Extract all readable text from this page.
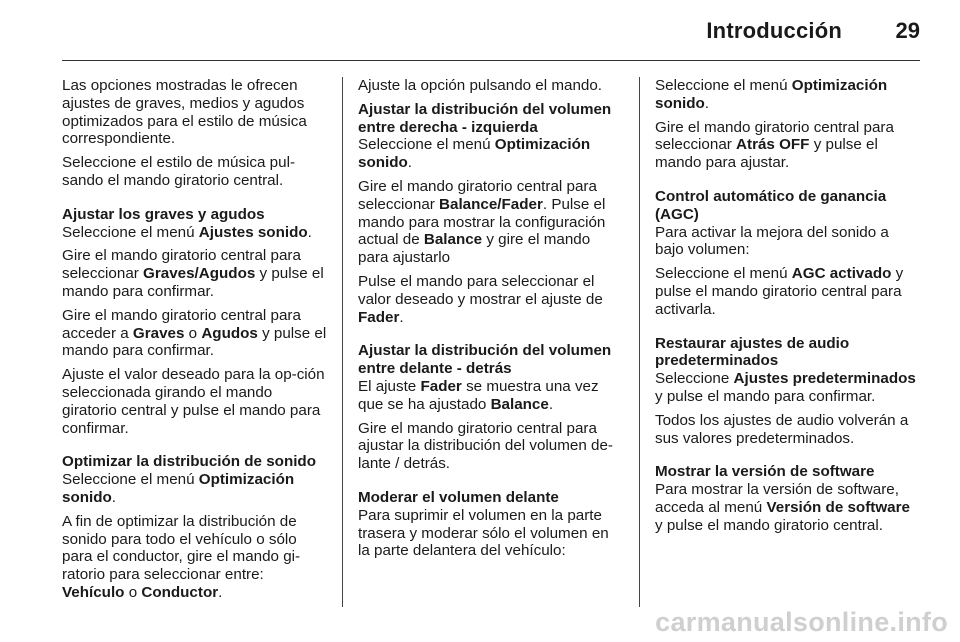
Introducción	29

Las opciones mostradas le ofrecen ajustes de graves, medios y agudos optimizados para el estilo de música correspondiente.

Seleccione el estilo de música pul-sando el mando giratorio central.

Ajustar los graves y agudos

Seleccione el menú Ajustes sonido.

Gire el mando giratorio central para seleccionar Graves/Agudos y pulse el mando para confirmar.

Gire el mando giratorio central para acceder a Graves o Agudos y pulse el mando para confirmar.

Ajuste el valor deseado para la op-ción seleccionada girando el mando giratorio central y pulse el mando para confirmar.

Optimizar la distribución de sonido

Seleccione el menú Optimización sonido.

A fin de optimizar la distribución de sonido para todo el vehículo o sólo para el conductor, gire el mando gi-ratorio para seleccionar entre: Vehículo o Conductor.

Ajuste la opción pulsando el mando.

Ajustar la distribución del volumen entre derecha - izquierda

Seleccione el menú Optimización sonido.

Gire el mando giratorio central para seleccionar Balance/Fader. Pulse el mando para mostrar la configuración actual de Balance y gire el mando para ajustarlo

Pulse el mando para seleccionar el valor deseado y mostrar el ajuste de Fader.

Ajustar la distribución del volumen entre delante - detrás

El ajuste Fader se muestra una vez que se ha ajustado Balance.

Gire el mando giratorio central para ajustar la distribución del volumen de-lante / detrás.

Moderar el volumen delante

Para suprimir el volumen en la parte trasera y moderar sólo el volumen en la parte delantera del vehículo:

Seleccione el menú Optimización sonido.

Gire el mando giratorio central para seleccionar Atrás OFF y pulse el mando para ajustar.

Control automático de ganancia (AGC)

Para activar la mejora del sonido a bajo volumen:

Seleccione el menú AGC activado y pulse el mando giratorio central para activarla.

Restaurar ajustes de audio predeterminados

Seleccione Ajustes predeterminados y pulse el mando para confirmar.

Todos los ajustes de audio volverán a sus valores predeterminados.

Mostrar la versión de software

Para mostrar la versión de software, acceda al menú Versión de software y pulse el mando giratorio central.

carmanualsonline.info
